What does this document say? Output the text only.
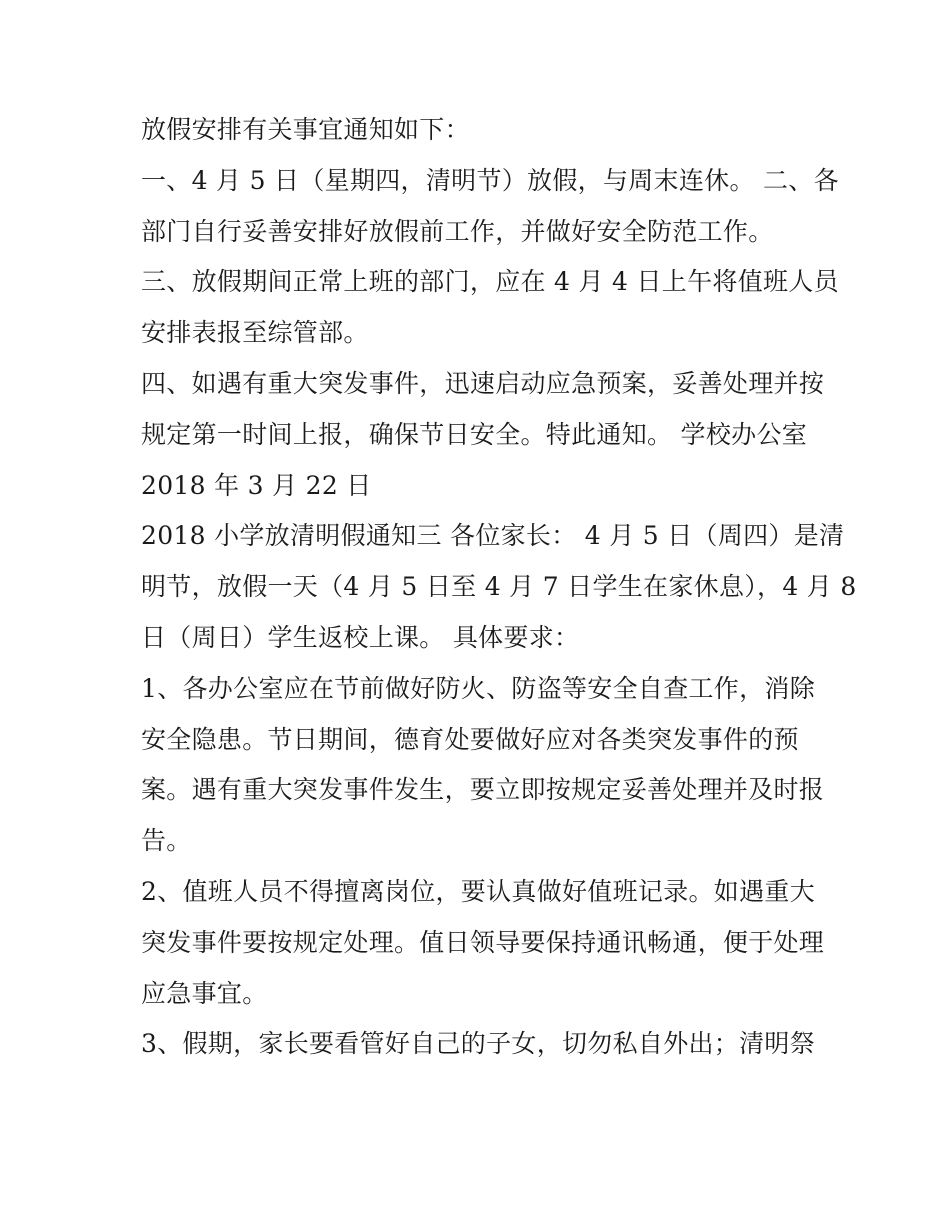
放假安排有关事宜通知如下：
一、4 月 5 日（星期四，清明节）放假，与周末连休。 二、各
部门自行妥善安排好放假前工作，并做好安全防范工作。
三、放假期间正常上班的部门，应在 4 月 4 日上午将值班人员
安排表报至综管部。
四、如遇有重大突发事件，迅速启动应急预案，妥善处理并按
规定第一时间上报，确保节日安全。特此通知。 学校办公室
2018 年 3 月 22 日
2018 小学放清明假通知三 各位家长： 4 月 5 日（周四）是清
明节，放假一天（4 月 5 日至 4 月 7 日学生在家休息），4 月 8
日（周日）学生返校上课。 具体要求：
1、各办公室应在节前做好防火、防盗等安全自查工作，消除
安全隐患。节日期间，德育处要做好应对各类突发事件的预
案。遇有重大突发事件发生，要立即按规定妥善处理并及时报
告。
2、值班人员不得擅离岗位，要认真做好值班记录。如遇重大
突发事件要按规定处理。值日领导要保持通讯畅通，便于处理
应急事宜。
3、假期，家长要看管好自己的子女，切勿私自外出；清明祭
